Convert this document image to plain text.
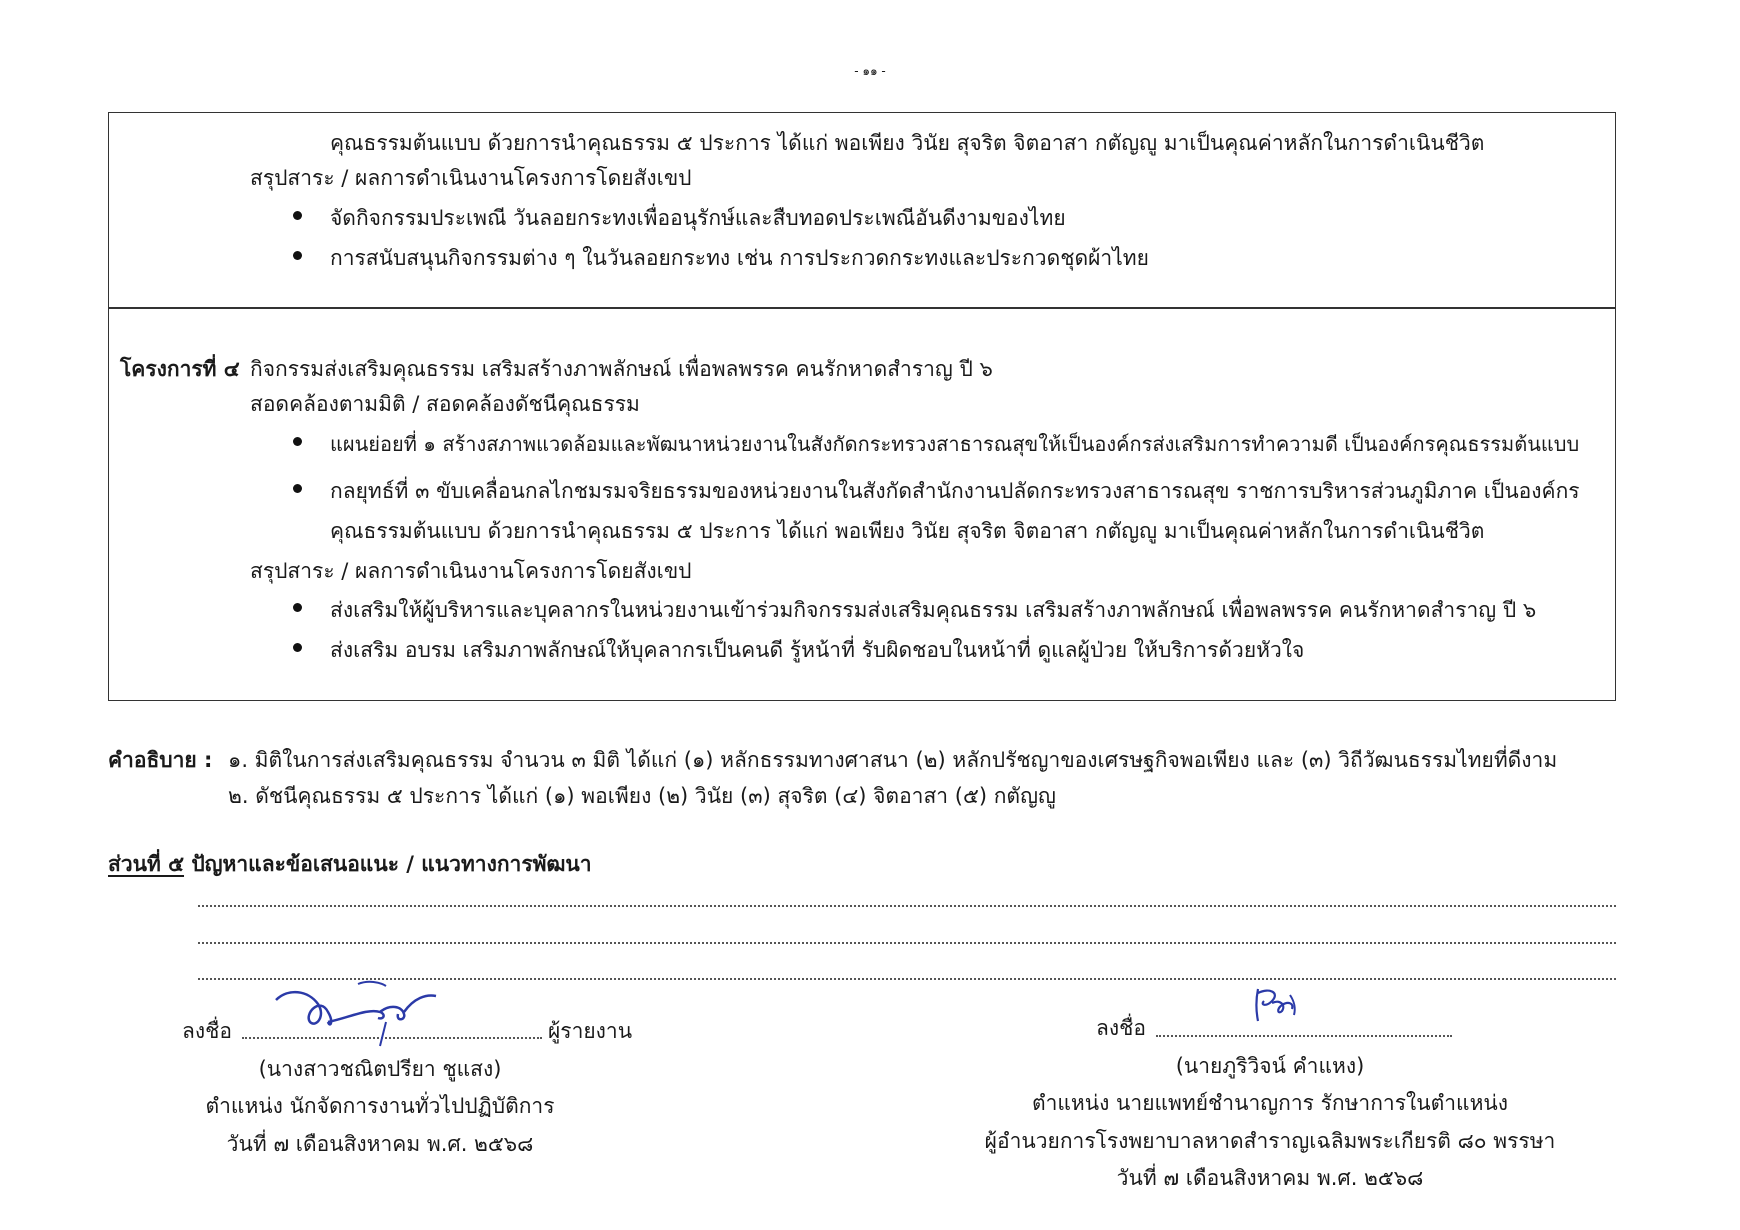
- ๑๑ -
คุณธรรมต้นแบบ ด้วยการนำคุณธรรม ๕ ประการ ได้แก่ พอเพียง วินัย สุจริต จิตอาสา กตัญญู มาเป็นคุณค่าหลักในการดำเนินชีวิต
สรุปสาระ / ผลการดำเนินงานโครงการโดยสังเขป
จัดกิจกรรมประเพณี วันลอยกระทงเพื่ออนุรักษ์และสืบทอดประเพณีอันดีงามของไทย
การสนับสนุนกิจกรรมต่าง ๆ ในวันลอยกระทง เช่น การประกวดกระทงและประกวดชุดผ้าไทย
โครงการที่ ๔ กิจกรรมส่งเสริมคุณธรรม เสริมสร้างภาพลักษณ์ เพื่อพลพรรค คนรักหาดสำราญ ปี ๖
สอดคล้องตามมิติ / สอดคล้องดัชนีคุณธรรม
แผนย่อยที่ ๑ สร้างสภาพแวดล้อมและพัฒนาหน่วยงานในสังกัดกระทรวงสาธารณสุขให้เป็นองค์กรส่งเสริมการทำความดี เป็นองค์กรคุณธรรมต้นแบบ
กลยุทธ์ที่ ๓ ขับเคลื่อนกลไกชมรมจริยธรรมของหน่วยงานในสังกัดสำนักงานปลัดกระทรวงสาธารณสุข ราชการบริหารส่วนภูมิภาค เป็นองค์กร
คุณธรรมต้นแบบ ด้วยการนำคุณธรรม ๕ ประการ ได้แก่ พอเพียง วินัย สุจริต จิตอาสา กตัญญู มาเป็นคุณค่าหลักในการดำเนินชีวิต
สรุปสาระ / ผลการดำเนินงานโครงการโดยสังเขป
ส่งเสริมให้ผู้บริหารและบุคลากรในหน่วยงานเข้าร่วมกิจกรรมส่งเสริมคุณธรรม เสริมสร้างภาพลักษณ์ เพื่อพลพรรค คนรักหาดสำราญ ปี ๖
ส่งเสริม อบรม เสริมภาพลักษณ์ให้บุคลากรเป็นคนดี รู้หน้าที่ รับผิดชอบในหน้าที่ ดูแลผู้ป่วย ให้บริการด้วยหัวใจ
คำอธิบาย : ๑. มิติในการส่งเสริมคุณธรรม จำนวน ๓ มิติ ได้แก่ (๑) หลักธรรมทางศาสนา (๒) หลักปรัชญาของเศรษฐกิจพอเพียง และ (๓) วิถีวัฒนธรรมไทยที่ดีงาม
๒. ดัชนีคุณธรรม ๕ ประการ ได้แก่ (๑) พอเพียง (๒) วินัย (๓) สุจริต (๔) จิตอาสา (๕) กตัญญู
ส่วนที่ ๕ ปัญหาและข้อเสนอแนะ / แนวทางการพัฒนา
ลงชื่อ	ผู้รายงาน
(นางสาวชณิตปรียา ชูแสง)
ตำแหน่ง นักจัดการงานทั่วไปปฏิบัติการ
วันที่ ๗ เดือนสิงหาคม พ.ศ. ๒๕๖๘
ลงชื่อ
(นายภูริวิจน์ คำแหง)
ตำแหน่ง นายแพทย์ชำนาญการ รักษาการในตำแหน่ง
ผู้อำนวยการโรงพยาบาลหาดสำราญเฉลิมพระเกียรติ ๘๐ พรรษา
วันที่ ๗ เดือนสิงหาคม พ.ศ. ๒๕๖๘
